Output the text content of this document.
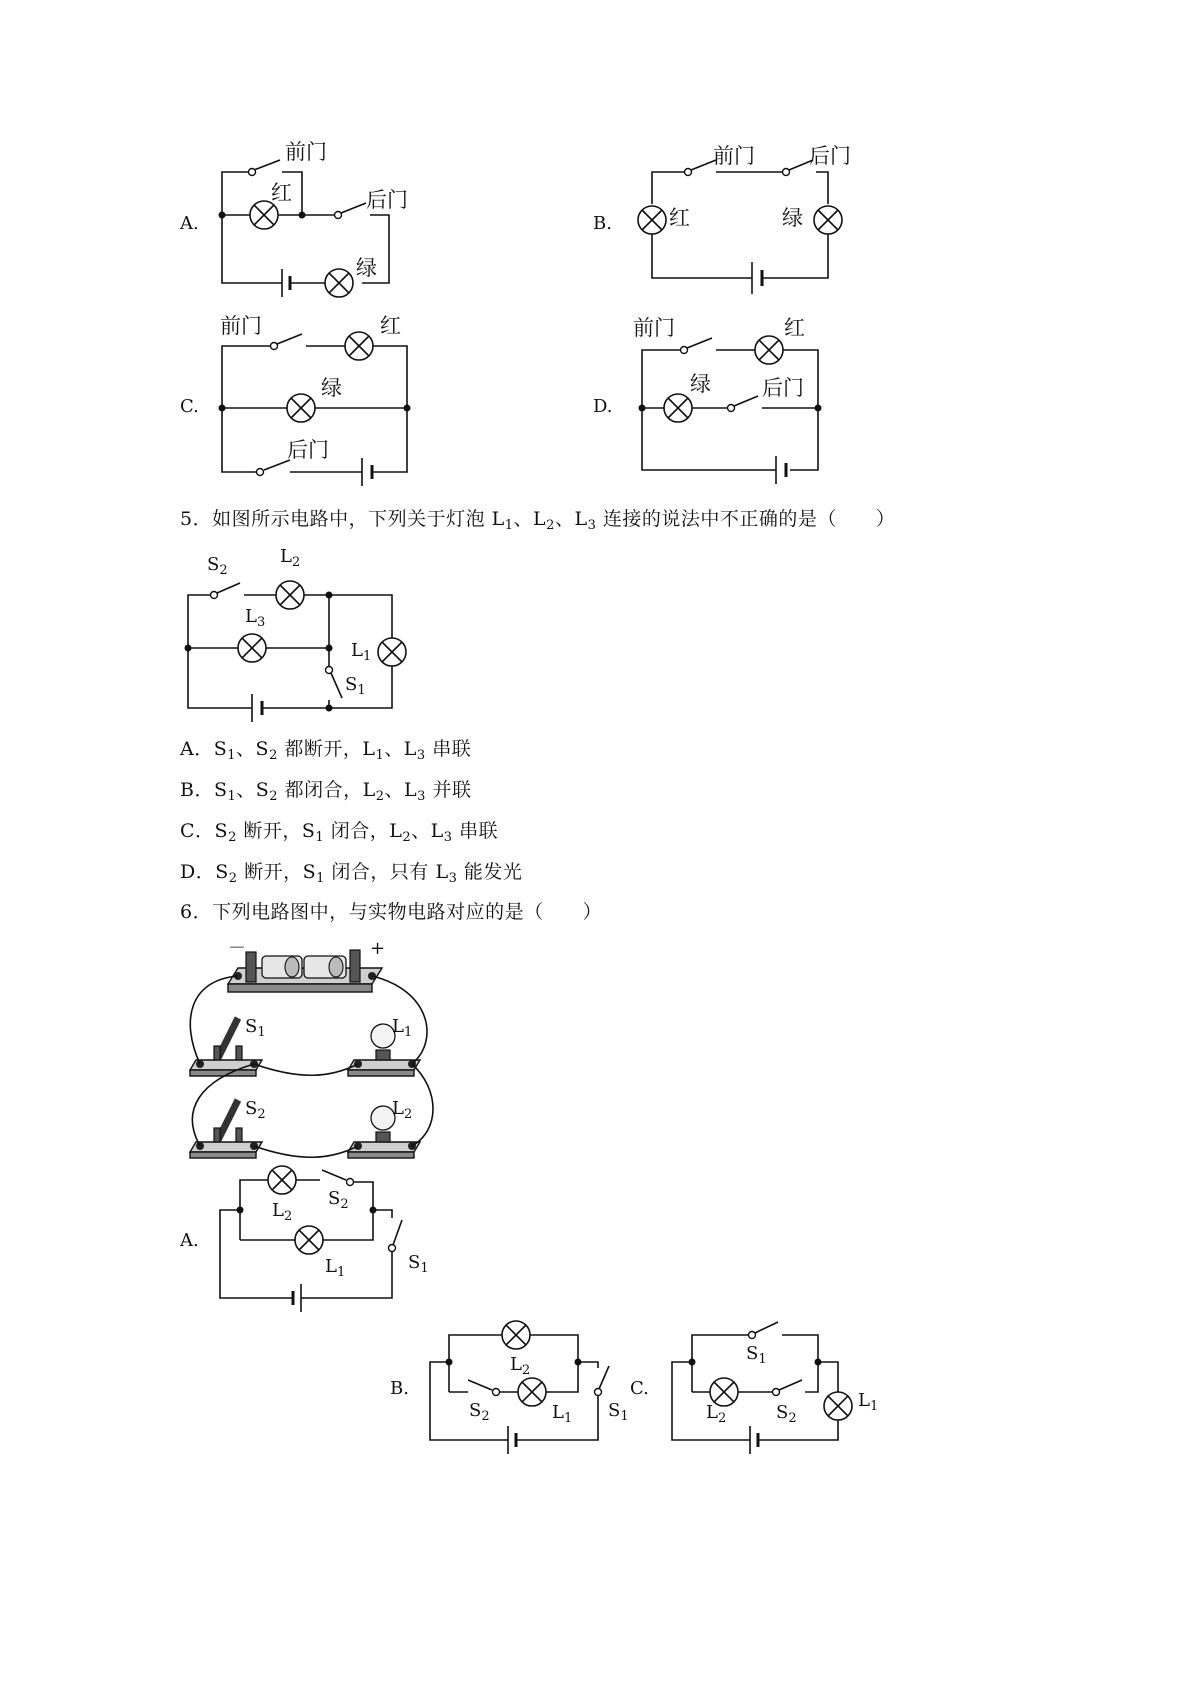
A.
前门
红	后门
绿
B.
前门	后门
红	绿
C.
前门	红
绿
后门
D.
前门	红
绿 后门
5．如图所示电路中，下列关于灯泡 $L_1$、$L_2$、$L_3$ 连接的说法中不正确的是（　　）
$S_2$
$L_2$
$L_3$
$L_1$
$S_1$
A．$S_1$、$S_2$ 都断开，$L_1$、$L_3$ 串联
B．$S_1$、$S_2$ 都闭合，$L_2$、$L_3$ 并联
C．$S_2$ 断开，$S_1$ 闭合，$L_2$、$L_3$ 串联
D．$S_2$ 断开，$S_1$ 闭合，只有 $L_3$ 能发光
6．下列电路图中，与实物电路对应的是（　　）
－	+
$S_1$	$L_1$
$S_2$	$L_2$
A.
$L_2$
$S_2$
$L_1$	$S_1$
B.
$L_2$
$S_2$	$L_1$ $S_1$
C.
$S_1$
$L_2$	$S_2$
$L_1$
